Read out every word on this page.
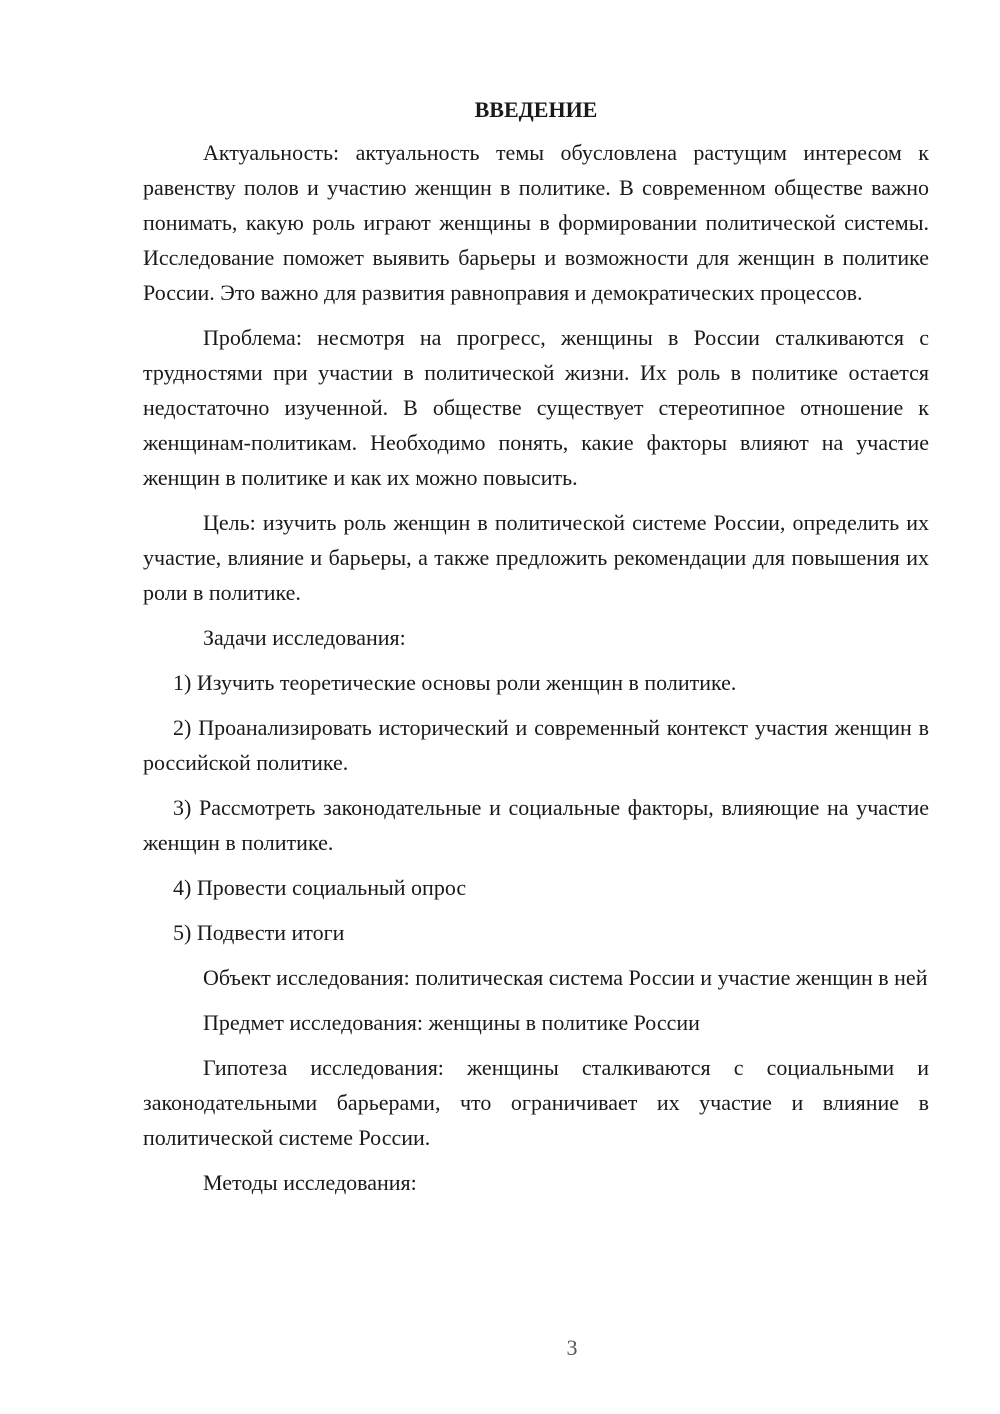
ВВЕДЕНИЕ

Актуальность: актуальность темы обусловлена растущим интересом к равенству полов и участию женщин в политике. В современном обществе важно понимать, какую роль играют женщины в формировании политической системы. Исследование поможет выявить барьеры и возможности для женщин в политике России. Это важно для развития равноправия и демократических процессов.

Проблема: несмотря на прогресс, женщины в России сталкиваются с трудностями при участии в политической жизни. Их роль в политике остается недостаточно изученной. В обществе существует стереотипное отношение к женщинам-политикам. Необходимо понять, какие факторы влияют на участие женщин в политике и как их можно повысить.

Цель: изучить роль женщин в политической системе России, определить их участие, влияние и барьеры, а также предложить рекомендации для повышения их роли в политике.

Задачи исследования:

1) Изучить теоретические основы роли женщин в политике.

2) Проанализировать исторический и современный контекст участия женщин в российской политике.

3) Рассмотреть законодательные и социальные факторы, влияющие на участие женщин в политике.

4) Провести социальный опрос

5) Подвести итоги

Объект исследования: политическая система России и участие женщин в ней

Предмет исследования: женщины в политике России

Гипотеза исследования: женщины сталкиваются с социальными и законодательными барьерами, что ограничивает их участие и влияние в политической системе России.

Методы исследования:

3
